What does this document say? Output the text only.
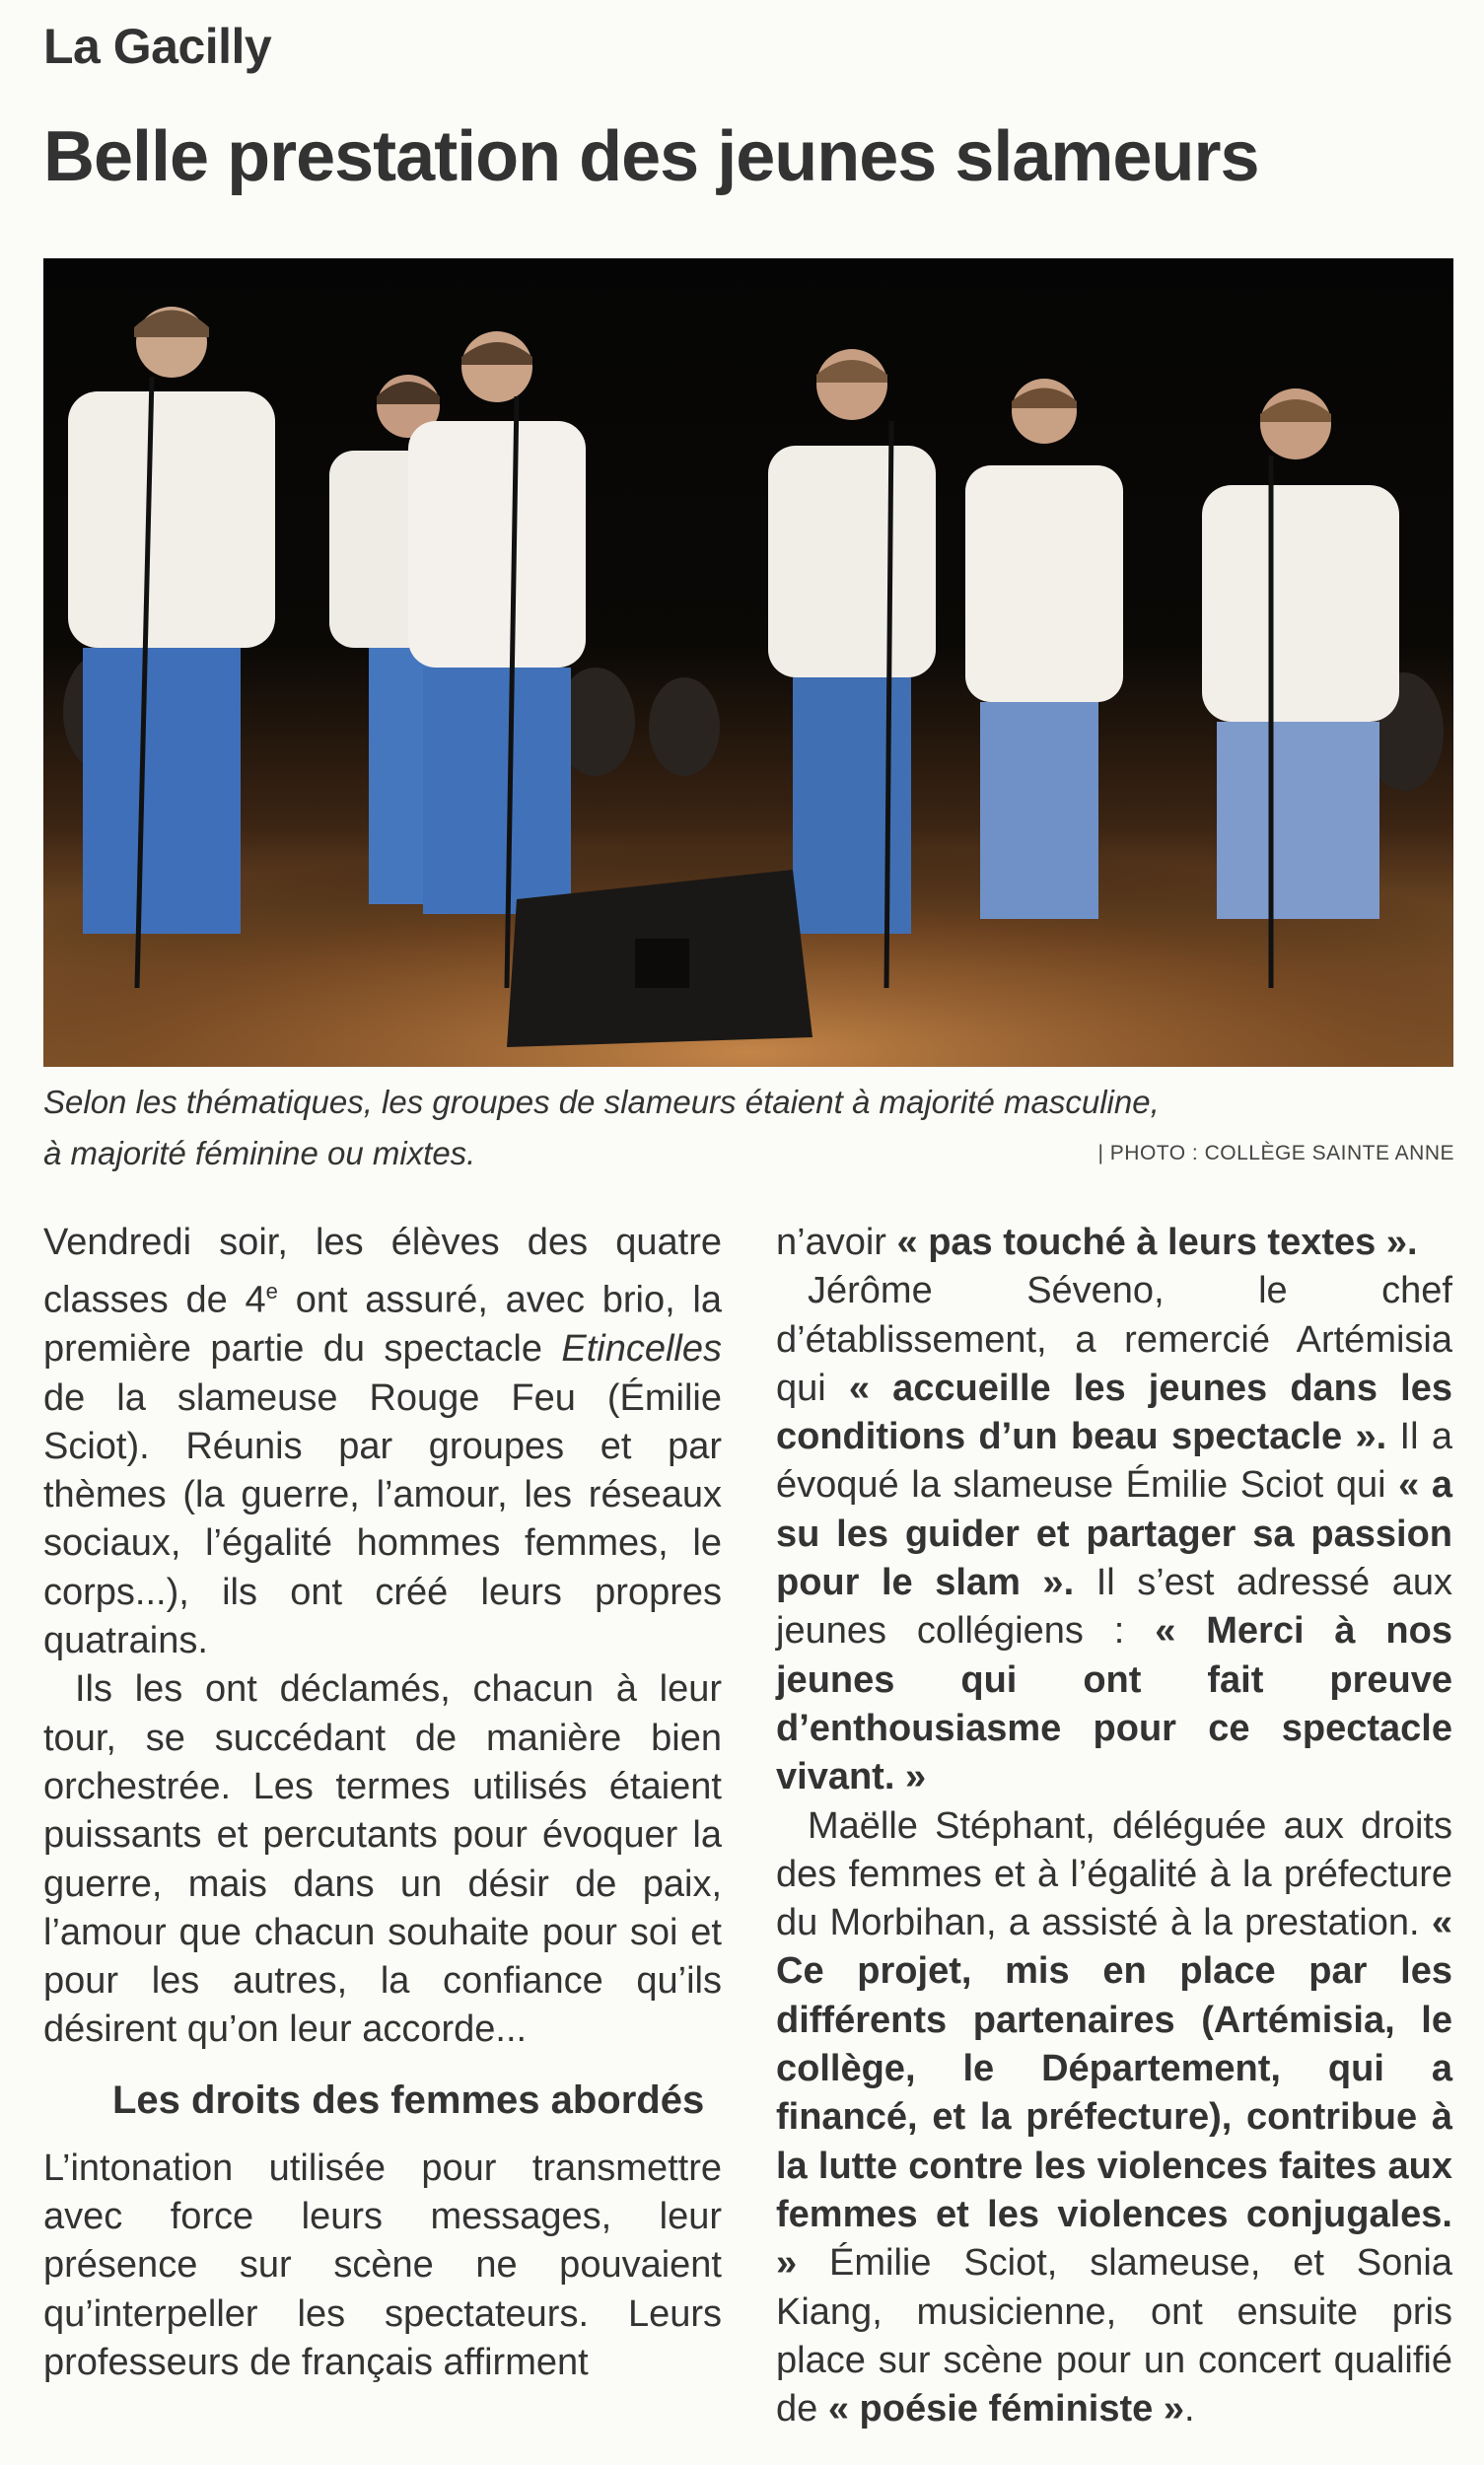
La Gacilly
Belle prestation des jeunes slameurs
Selon les thématiques, les groupes de slameurs étaient à majorité masculine,
à majorité féminine ou mixtes.	| PHOTO : COLLÈGE SAINTE ANNE

Vendredi soir, les élèves des quatre classes de 4e ont assuré, avec brio, la première partie du spectacle Etincelles de la slameuse Rouge Feu (Émilie Sciot). Réunis par groupes et par thèmes (la guerre, l’amour, les réseaux sociaux, l’égalité hommes femmes, le corps...), ils ont créé leurs propres quatrains.

Ils les ont déclamés, chacun à leur tour, se succédant de manière bien orchestrée. Les termes utilisés étaient puissants et percutants pour évoquer la guerre, mais dans un désir de paix, l’amour que chacun souhaite pour soi et pour les autres, la confiance qu’ils désirent qu’on leur accorde...

Les droits des femmes abordés

L’intonation utilisée pour transmettre avec force leurs messages, leur présence sur scène ne pouvaient qu’interpeller les spectateurs. Leurs professeurs de français affirment

n’avoir « pas touché à leurs textes ».

Jérôme Séveno, le chef d’établissement, a remercié Artémisia qui « accueille les jeunes dans les conditions d’un beau spectacle ». Il a évoqué la slameuse Émilie Sciot qui « a su les guider et partager sa passion pour le slam ». Il s’est adressé aux jeunes collégiens : « Merci à nos jeunes qui ont fait preuve d’enthousiasme pour ce spectacle vivant. »

Maëlle Stéphant, déléguée aux droits des femmes et à l’égalité à la préfecture du Morbihan, a assisté à la prestation. « Ce projet, mis en place par les différents partenaires (Artémisia, le collège, le Département, qui a financé, et la préfecture), contribue à la lutte contre les violences faites aux femmes et les violences conjugales. » Émilie Sciot, slameuse, et Sonia Kiang, musicienne, ont ensuite pris place sur scène pour un concert qualifié de « poésie féministe ».
